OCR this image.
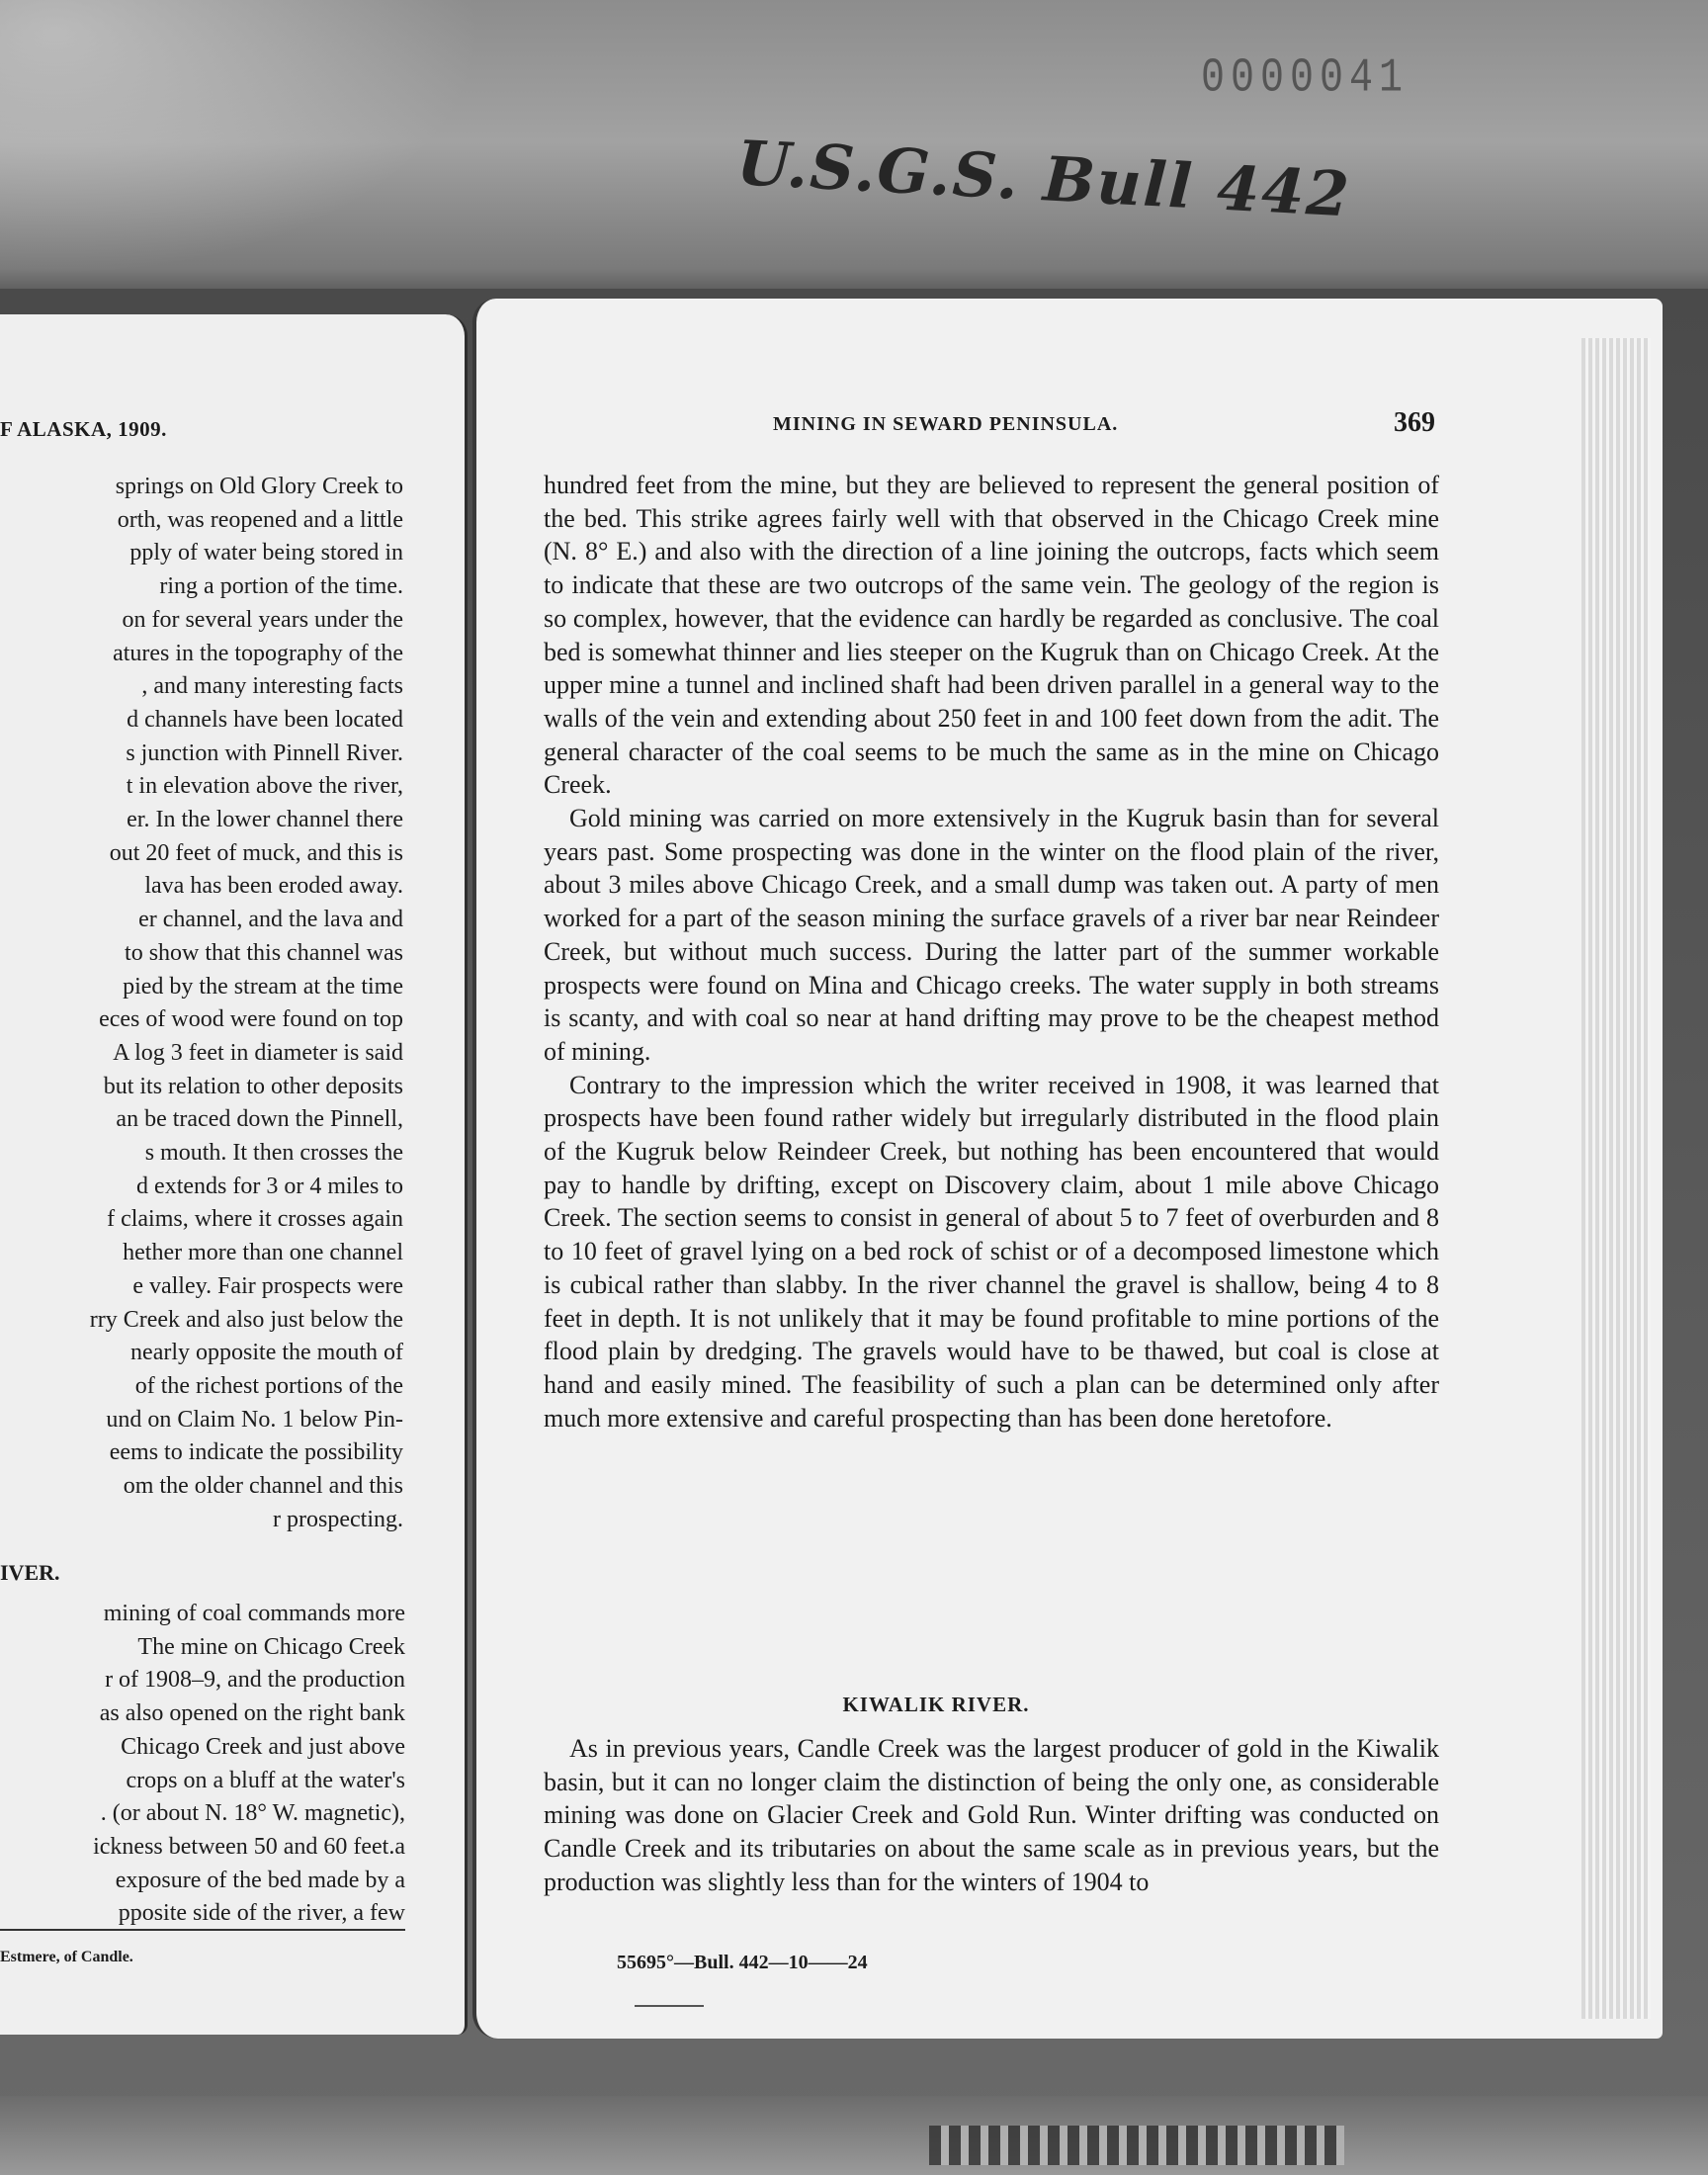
0000041
U.S.G.S. Bull 442
F ALASKA, 1909.
springs on Old Glory Creek to
orth, was reopened and a little
pply of water being stored in
ring a portion of the time.
on for several years under the
atures in the topography of the
, and many interesting facts
d channels have been located
s junction with Pinnell River.
t in elevation above the river,
er. In the lower channel there
out 20 feet of muck, and this is
lava has been eroded away.
er channel, and the lava and
to show that this channel was
pied by the stream at the time
eces of wood were found on top
A log 3 feet in diameter is said
but its relation to other deposits
an be traced down the Pinnell,
s mouth. It then crosses the
d extends for 3 or 4 miles to
f claims, where it crosses again
hether more than one channel
e valley. Fair prospects were
rry Creek and also just below the
nearly opposite the mouth of
of the richest portions of the
und on Claim No. 1 below Pin-
eems to indicate the possibility
om the older channel and this
r prospecting.
IVER.
mining of coal commands more
The mine on Chicago Creek
r of 1908–9, and the production
as also opened on the right bank
Chicago Creek and just above
crops on a bluff at the water's
. (or about N. 18° W. magnetic),
ickness between 50 and 60 feet.a
exposure of the bed made by a
pposite side of the river, a few
Estmere, of Candle.
MINING IN SEWARD PENINSULA.	369

hundred feet from the mine, but they are believed to represent the general position of the bed. This strike agrees fairly well with that observed in the Chicago Creek mine (N. 8° E.) and also with the direction of a line joining the outcrops, facts which seem to indicate that these are two outcrops of the same vein. The geology of the region is so complex, however, that the evidence can hardly be regarded as conclusive. The coal bed is somewhat thinner and lies steeper on the Kugruk than on Chicago Creek. At the upper mine a tunnel and inclined shaft had been driven parallel in a general way to the walls of the vein and extending about 250 feet in and 100 feet down from the adit. The general character of the coal seems to be much the same as in the mine on Chicago Creek.

Gold mining was carried on more extensively in the Kugruk basin than for several years past. Some prospecting was done in the winter on the flood plain of the river, about 3 miles above Chicago Creek, and a small dump was taken out. A party of men worked for a part of the season mining the surface gravels of a river bar near Reindeer Creek, but without much success. During the latter part of the summer workable prospects were found on Mina and Chicago creeks. The water supply in both streams is scanty, and with coal so near at hand drifting may prove to be the cheapest method of mining.

Contrary to the impression which the writer received in 1908, it was learned that prospects have been found rather widely but irregularly distributed in the flood plain of the Kugruk below Reindeer Creek, but nothing has been encountered that would pay to handle by drifting, except on Discovery claim, about 1 mile above Chicago Creek. The section seems to consist in general of about 5 to 7 feet of overburden and 8 to 10 feet of gravel lying on a bed rock of schist or of a decomposed limestone which is cubical rather than slabby. In the river channel the gravel is shallow, being 4 to 8 feet in depth. It is not unlikely that it may be found profitable to mine portions of the flood plain by dredging. The gravels would have to be thawed, but coal is close at hand and easily mined. The feasibility of such a plan can be determined only after much more extensive and careful prospecting than has been done heretofore.

KIWALIK RIVER.

As in previous years, Candle Creek was the largest producer of gold in the Kiwalik basin, but it can no longer claim the distinction of being the only one, as considerable mining was done on Glacier Creek and Gold Run. Winter drifting was conducted on Candle Creek and its tributaries on about the same scale as in previous years, but the production was slightly less than for the winters of 1904 to

55695°—Bull. 442—10——24
